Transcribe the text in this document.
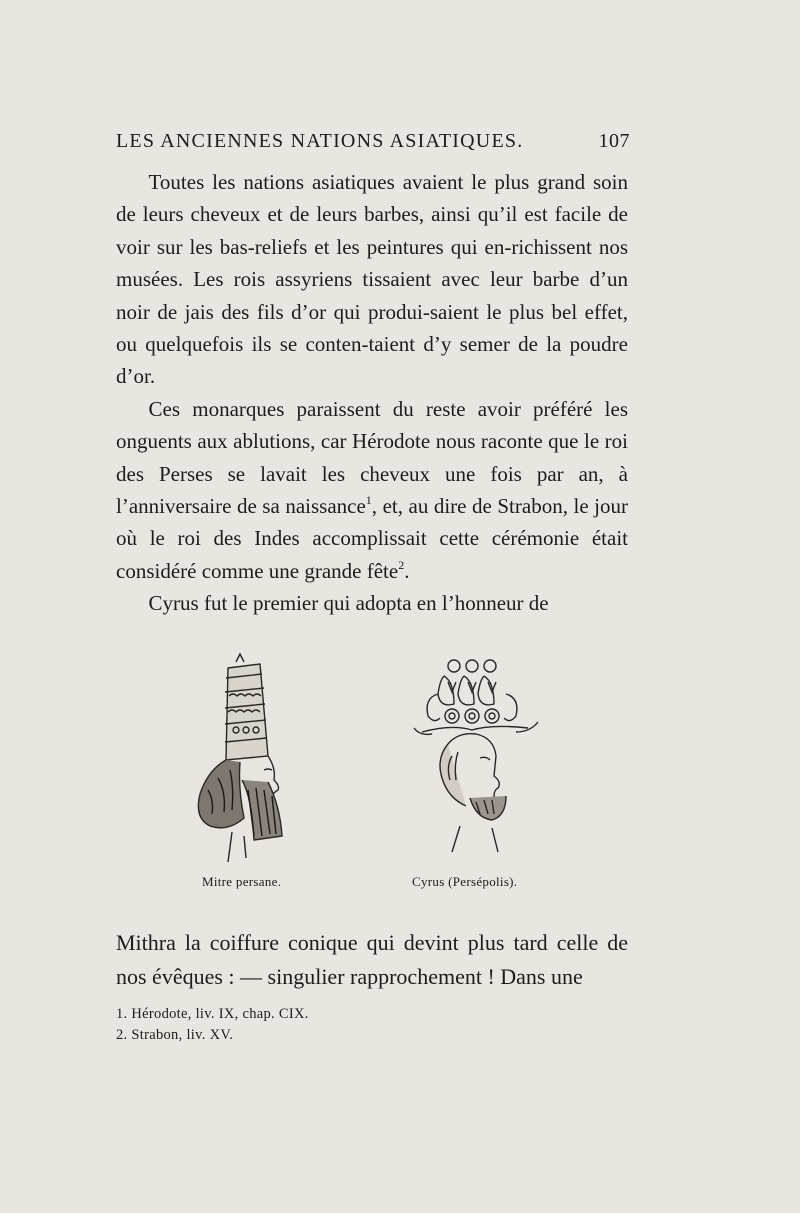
LES ANCIENNES NATIONS ASIATIQUES.	107

Toutes les nations asiatiques avaient le plus grand soin de leurs cheveux et de leurs barbes, ainsi qu’il est facile de voir sur les bas-reliefs et les peintures qui en-richissent nos musées. Les rois assyriens tissaient avec leur barbe d’un noir de jais des fils d’or qui produi-saient le plus bel effet, ou quelquefois ils se conten-taient d’y semer de la poudre d’or.

Ces monarques paraissent du reste avoir préféré les onguents aux ablutions, car Hérodote nous raconte que le roi des Perses se lavait les cheveux une fois par an, à l’anniversaire de sa naissance$^1$, et, au dire de Strabon, le jour où le roi des Indes accomplissait cette cérémonie était considéré comme une grande fête$^2$.

Cyrus fut le premier qui adopta en l’honneur de

Mitre persane.	Cyrus (Persépolis).

Mithra la coiffure conique qui devint plus tard celle de nos évêques : — singulier rapprochement ! Dans une

1. Hérodote, liv. IX, chap. CIX.
2. Strabon, liv. XV.
